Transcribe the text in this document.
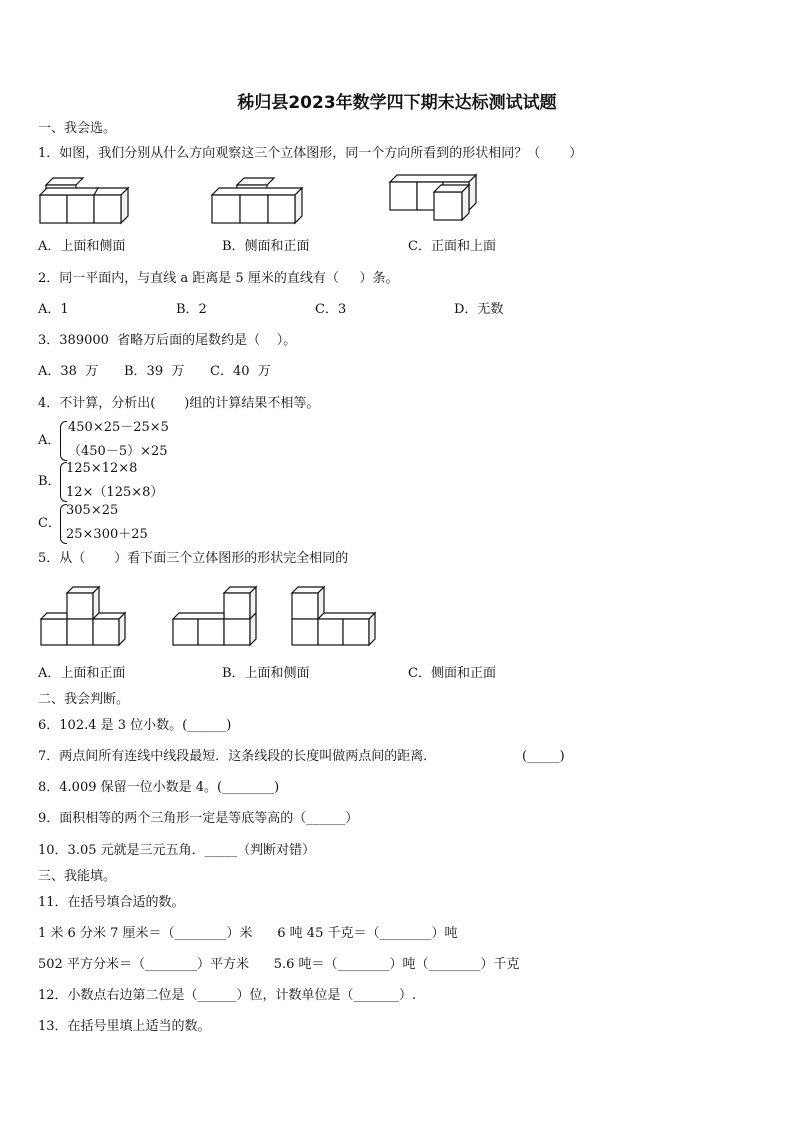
秭归县2023年数学四下期末达标测试试题
一、我会选。
1．如图，我们分别从什么方向观察这三个立体图形，同一个方向所看到的形状相同？（       ）
A．上面和侧面	B．侧面和正面	C．正面和上面
2．同一平面内，与直线 a 距离是 5 厘米的直线有（     ）条。
A．1	B．2	C．3	D．无数
3．389000  省略万后面的尾数约是（    ）。
A．38  万 B．39  万 C．40  万
4．不计算，分析出(       )组的计算结果不相等。
A．
450×25－25×5
（450－5）×25
B．
125×12×8
12×（125×8）
C．
305×25
25×300＋25
5．从（       ）看下面三个立体图形的形状完全相同的
A．上面和正面	B．上面和侧面	C．侧面和正面
二、我会判断。
6．102.4 是 3 位小数。(______)
7．两点间所有连线中线段最短．这条线段的长度叫做两点间的距离．	(_____)
8．4.009 保留一位小数是 4。(________)
9．面积相等的两个三角形一定是等底等高的（______）
10．3.05 元就是三元五角．_____（判断对错）
三、我能填。
11．在括号填合适的数。
1 米 6 分米 7 厘米＝（________）米      6 吨 45 千克＝（________）吨
502 平方分米＝（________）平方米      5.6 吨＝（________）吨（________）千克
12．小数点右边第二位是（______）位，计数单位是（_______）.
13．在括号里填上适当的数。
